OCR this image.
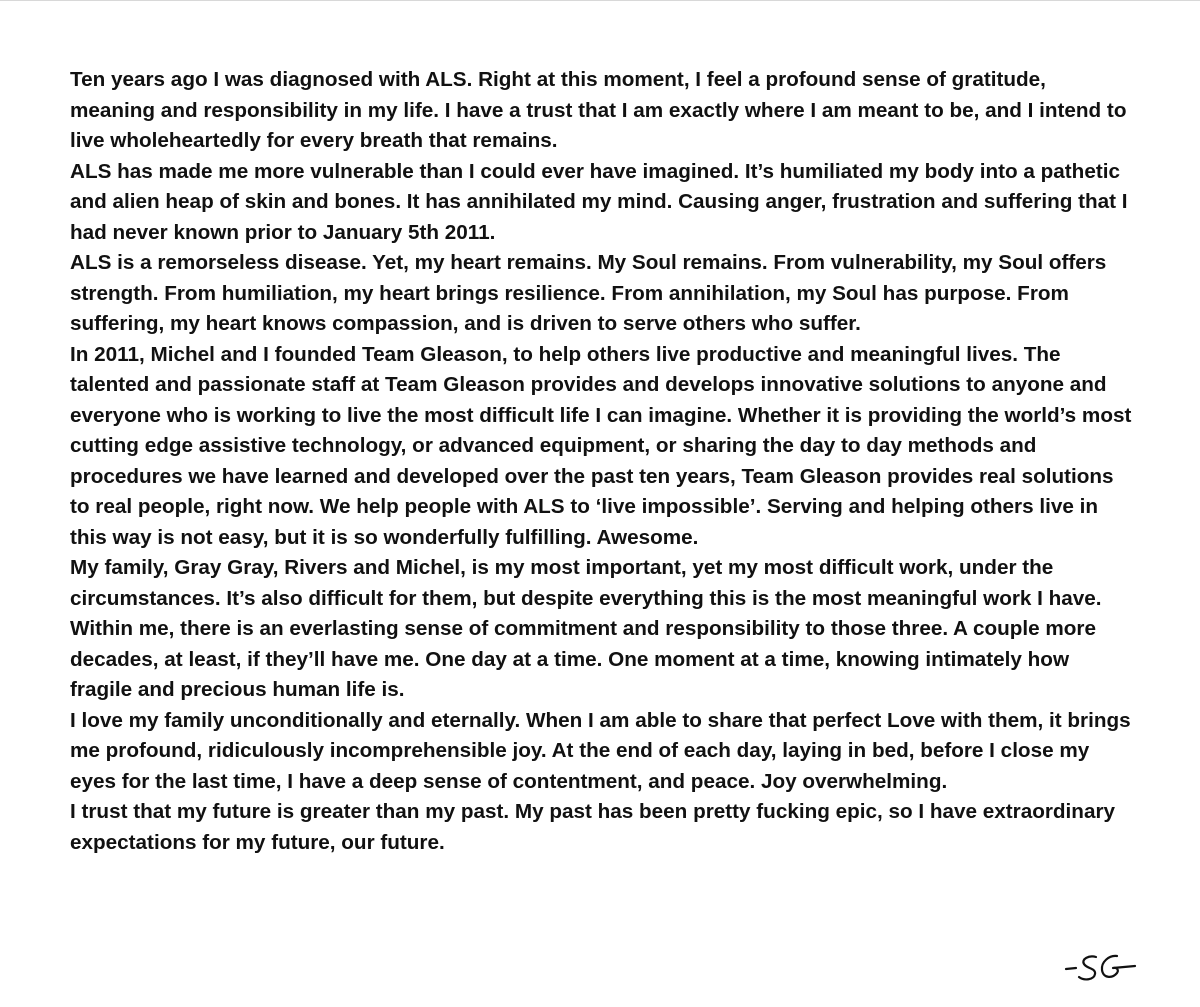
Ten years ago I was diagnosed with ALS. Right at this moment, I feel a profound sense of gratitude, meaning and responsibility in my life. I have a trust that I am exactly where I am meant to be, and I intend to live wholeheartedly for every breath that remains.

ALS has made me more vulnerable than I could ever have imagined. It’s humiliated my body into a pathetic and alien heap of skin and bones. It has annihilated my mind. Causing anger, frustration and suffering that I had never known prior to January 5th 2011.

ALS is a remorseless disease. Yet, my heart remains. My Soul remains. From vulnerability, my Soul offers strength. From humiliation, my heart brings resilience. From annihilation, my Soul has purpose. From suffering, my heart knows compassion, and is driven to serve others who suffer.

In 2011, Michel and I founded Team Gleason, to help others live productive and meaningful lives. The talented and passionate staff at Team Gleason provides and develops innovative solutions to anyone and everyone who is working to live the most difficult life I can imagine. Whether it is providing the world’s most cutting edge assistive technology, or advanced equipment, or sharing the day to day methods and procedures we have learned and developed over the past ten years, Team Gleason provides real solutions to real people, right now. We help people with ALS to ‘live impossible’. Serving and helping others live in this way is not easy, but it is so wonderfully fulfilling. Awesome.

My family, Gray Gray, Rivers and Michel, is my most important, yet my most difficult work, under the circumstances. It’s also difficult for them, but despite everything this is the most meaningful work I have. Within me, there is an everlasting sense of commitment and responsibility to those three. A couple more decades, at least, if they’ll have me. One day at a time. One moment at a time, knowing intimately how fragile and precious human life is.

I love my family unconditionally and eternally. When I am able to share that perfect Love with them, it brings me profound, ridiculously incomprehensible joy. At the end of each day, laying in bed, before I close my eyes for the last time, I have a deep sense of contentment, and peace. Joy overwhelming.

I trust that my future is greater than my past. My past has been pretty fucking epic, so I have extraordinary expectations for my future, our future.
